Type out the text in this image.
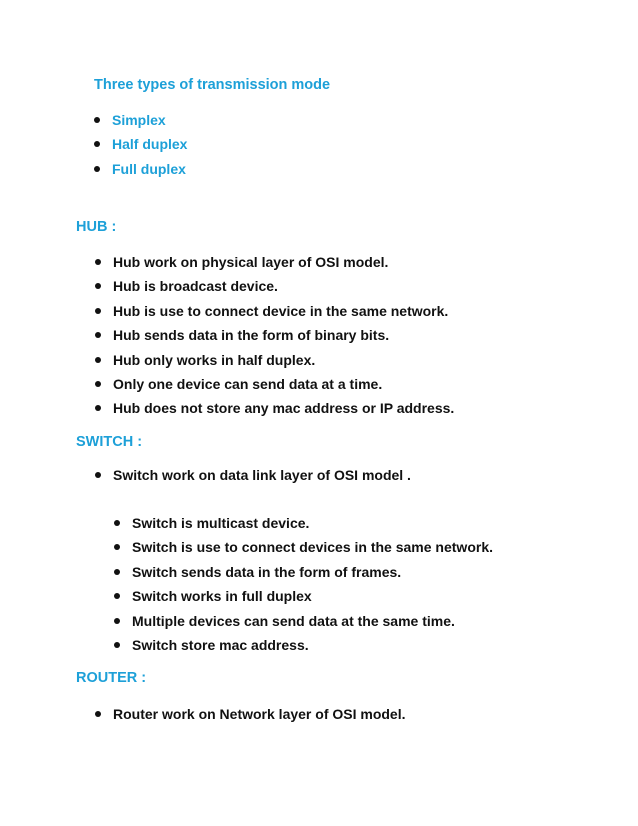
Three types of transmission mode
Simplex
Half duplex
Full duplex
HUB :
Hub work on physical layer of OSI model.
Hub is broadcast device.
Hub is use to connect device in the same network.
Hub sends data in the form of binary bits.
Hub only works in half duplex.
Only one device can send data at a time.
Hub does not store any mac address or IP address.
SWITCH :
Switch work on data link layer of OSI model .
Switch is multicast device.
Switch is use to connect devices in the same network.
Switch sends data in the form of frames.
Switch works in full duplex
Multiple devices can send data at the same time.
Switch store mac address.
ROUTER :
Router work on Network layer of OSI model.
